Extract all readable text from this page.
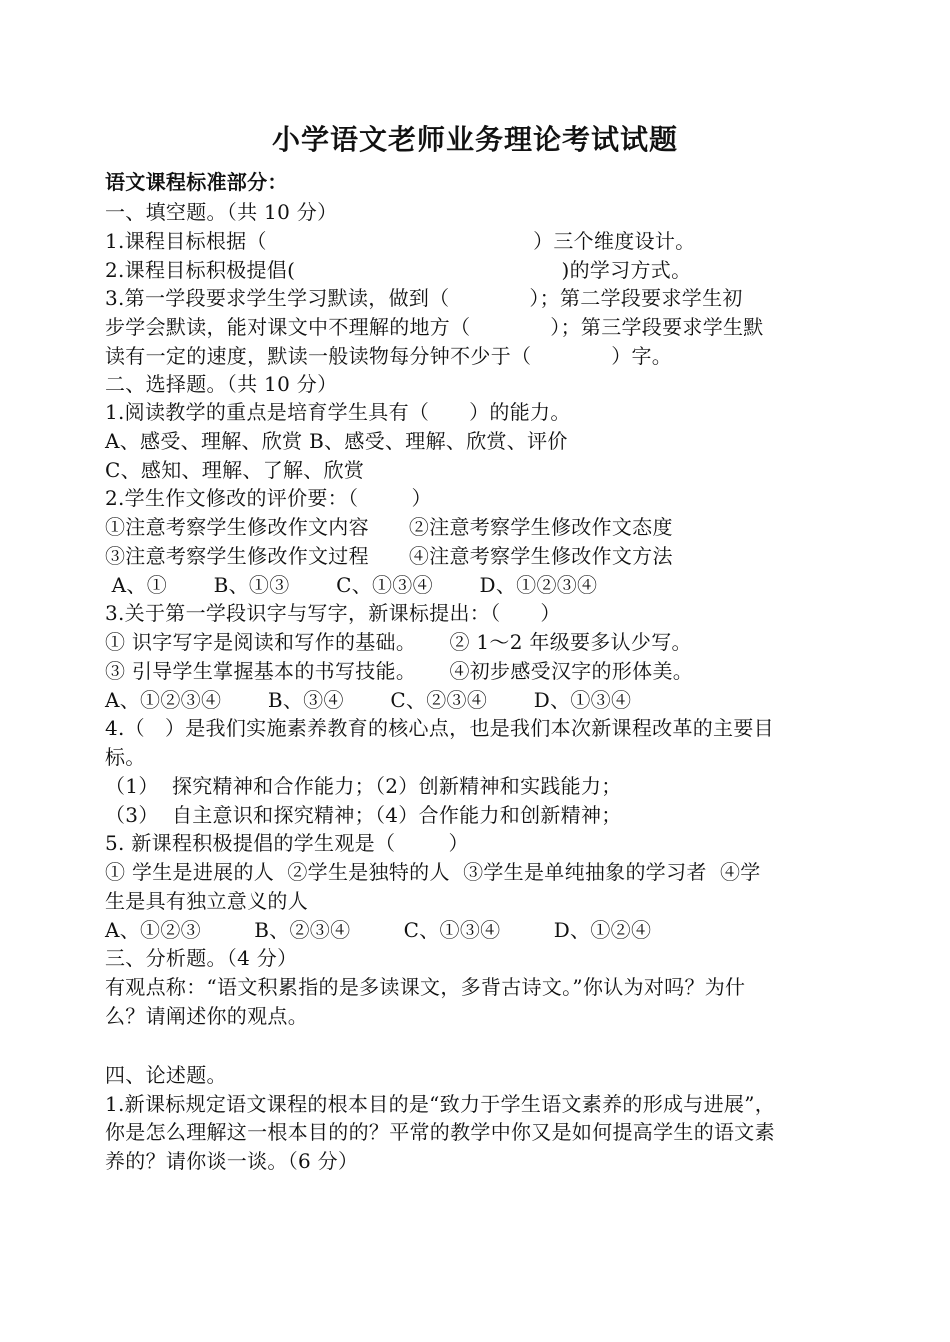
小学语文老师业务理论考试试题
语文课程标准部分：
一、填空题。（共 10 分）
1.课程目标根据（                                        ）三个维度设计。
2.课程目标积极提倡(                                        )的学习方式。
3.第一学段要求学生学习默读，做到（            ）；第二学段要求学生初
步学会默读，能对课文中不理解的地方（            ）；第三学段要求学生默
读有一定的速度，默读一般读物每分钟不少于（            ）字。
二、选择题。（共 10 分）
1.阅读教学的重点是培育学生具有（      ）的能力。
A、感受、理解、欣赏 B、感受、理解、欣赏、评价
C、感知、理解、了解、欣赏
2.学生作文修改的评价要：（        ）
①注意考察学生修改作文内容      ②注意考察学生修改作文态度
③注意考察学生修改作文过程      ④注意考察学生修改作文方法
A、①       B、①③       C、①③④       D、①②③④
3.关于第一学段识字与写字，新课标提出：（      ）
① 识字写字是阅读和写作的基础。     ② 1～2 年级要多认少写。
③ 引导学生掌握基本的书写技能。     ④初步感受汉字的形体美。
A、①②③④       B、③④       C、②③④       D、①③④
4.（   ）是我们实施素养教育的核心点，也是我们本次新课程改革的主要目
标。
（1）  探究精神和合作能力；（2）创新精神和实践能力；
（3）  自主意识和探究精神；（4）合作能力和创新精神；
5. 新课程积极提倡的学生观是（        ）
① 学生是进展的人  ②学生是独特的人  ③学生是单纯抽象的学习者  ④学
生是具有独立意义的人
A、①②③        B、②③④        C、①③④        D、①②④
三、分析题。（4 分）
有观点称：“语文积累指的是多读课文，多背古诗文。”你认为对吗？为什
么？请阐述你的观点。
四、论述题。
1.新课标规定语文课程的根本目的是“致力于学生语文素养的形成与进展”，
你是怎么理解这一根本目的的？平常的教学中你又是如何提高学生的语文素
养的？请你谈一谈。（6 分）
